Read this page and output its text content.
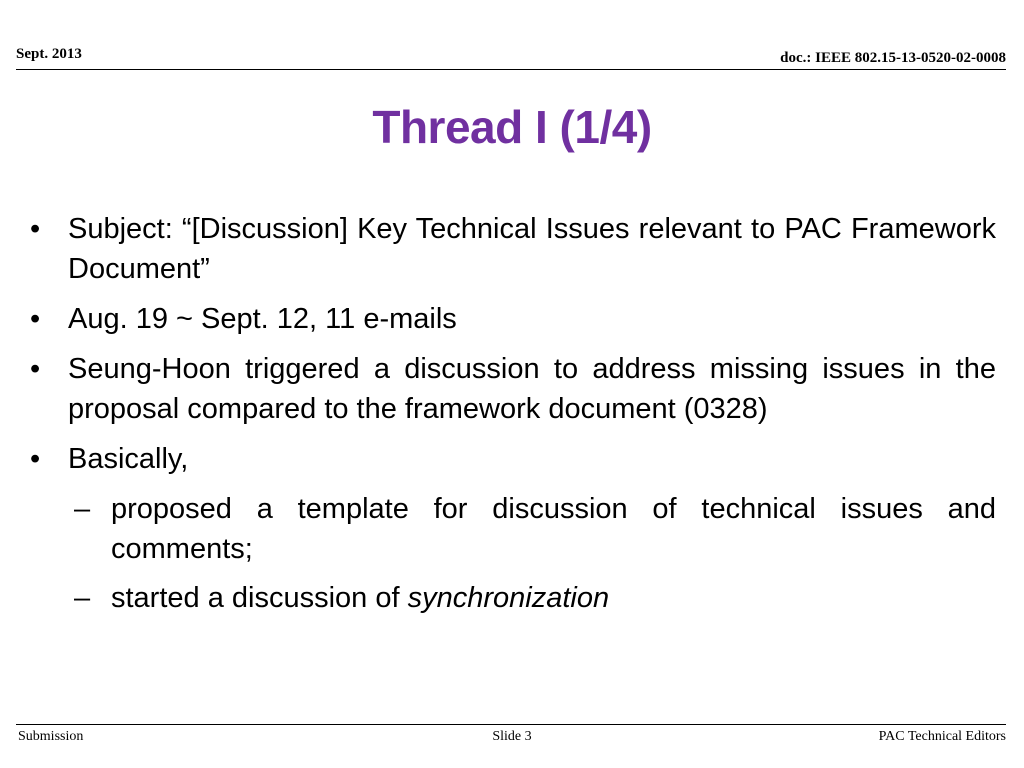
Sept. 2013	doc.: IEEE 802.15-13-0520-02-0008
Thread I (1/4)
• Subject: “[Discussion] Key Technical Issues relevant to PAC Framework Document”
• Aug. 19 ~ Sept. 12, 11 e-mails
• Seung-Hoon triggered a discussion to address missing issues in the proposal compared to the framework document (0328)
• Basically,
– proposed a template for discussion of technical issues and comments;
– started a discussion of synchronization
Submission	Slide 3	PAC Technical Editors
